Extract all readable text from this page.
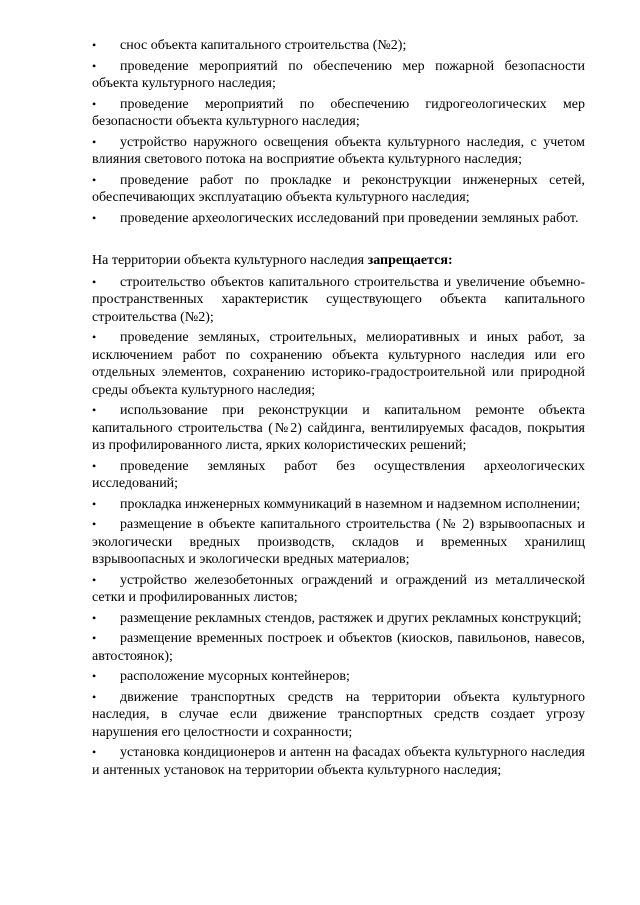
• снос объекта капитального строительства (№2);
• проведение мероприятий по обеспечению мер пожарной безопасности объекта культурного наследия;
• проведение мероприятий по обеспечению гидрогеологических мер безопасности объекта культурного наследия;
• устройство наружного освещения объекта культурного наследия, с учетом влияния светового потока на восприятие объекта культурного наследия;
• проведение работ по прокладке и реконструкции инженерных сетей, обеспечивающих эксплуатацию объекта культурного наследия;
• проведение археологических исследований при проведении земляных работ.

На территории объекта культурного наследия запрещается:

• строительство объектов капитального строительства и увеличение объемно-пространственных характеристик существующего объекта капитального строительства (№2);
• проведение земляных, строительных, мелиоративных и иных работ, за исключением работ по сохранению объекта культурного наследия или его отдельных элементов, сохранению историко-градостроительной или природной среды объекта культурного наследия;
• использование при реконструкции и капитальном ремонте объекта капитального строительства (№2) сайдинга, вентилируемых фасадов, покрытия из профилированного листа, ярких колористических решений;
• проведение земляных работ без осуществления археологических исследований;
• прокладка инженерных коммуникаций в наземном и надземном исполнении;
• размещение в объекте капитального строительства (№ 2) взрывоопасных и экологически вредных производств, складов и временных хранилищ взрывоопасных и экологически вредных материалов;
• устройство железобетонных ограждений и ограждений из металлической сетки и профилированных листов;
• размещение рекламных стендов, растяжек и других рекламных конструкций;
• размещение временных построек и объектов (киосков, павильонов, навесов, автостоянок);
• расположение мусорных контейнеров;
• движение транспортных средств на территории объекта культурного наследия, в случае если движение транспортных средств создает угрозу нарушения его целостности и сохранности;
• установка кондиционеров и антенн на фасадах объекта культурного наследия и антенных установок на территории объекта культурного наследия;
